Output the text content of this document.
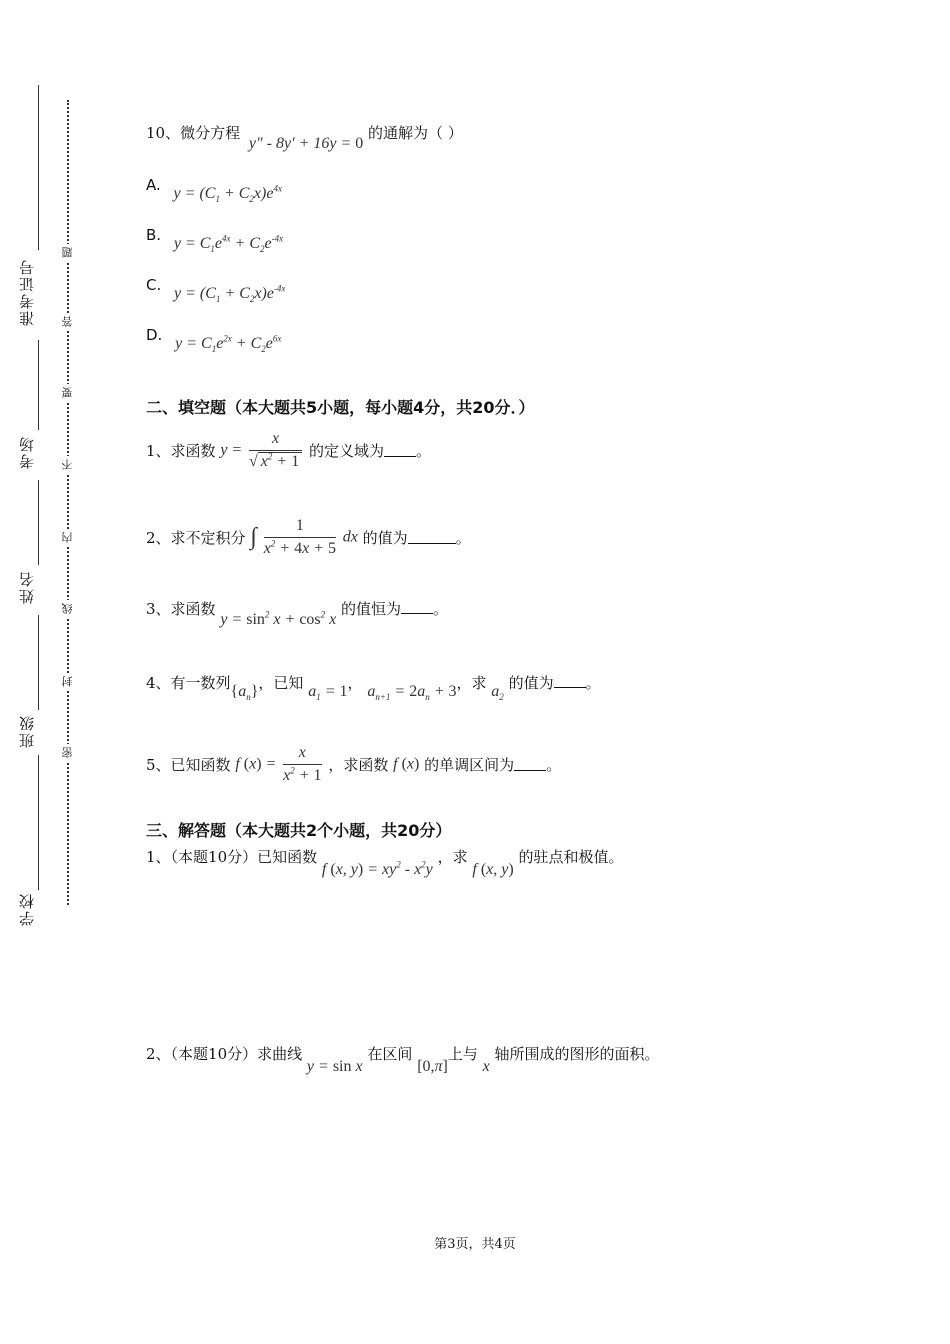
准考证号
考场
姓名
班级
学校
题
答
要
不
内
线
封
密
10、微分方程 y″ - 8y′ + 16y = 0 的通解为（ ）
A. $y = (C_1 + C_2x)e^{4x}$
B. $y = C_1e^{4x} + C_2e^{-4x}$
C. $y = (C_1 + C_2x)e^{-4x}$
D. $y = C_1e^{2x} + C_2e^{6x}$
二、填空题（本大题共5小题，每小题4分，共20分．）
1、求函数 $y = \frac{x}{√ x^2 + 1}$ 的定义域为 。
2、求不定积分 ∫ $\frac{1}{x^2 + 4x + 5}$ dx 的值为	。
3、求函数 $y = \sin^2 x + \cos^2 x$ 的值恒为 。
4、有一数列$\{a_n\}$，已知 $a_1 = 1$， $a_{n+1} = 2a_n + 3$，求 $a_2$ 的值为 。
5、已知函数 f $(x) = \frac{x}{x^2 + 1}$ ，求函数 f (x) 的单调区间为 。
三、解答题（本大题共2个小题，共20分）
1、（本题10分）已知函数 f (x, $y) = xy^2 - x^2y$ ，求 f (x, y) 的驻点和极值。
2、（本题10分）求曲线 y = sin x 在区间 [0,π]上与 x 轴所围成的图形的面积。
第3页，共4页
